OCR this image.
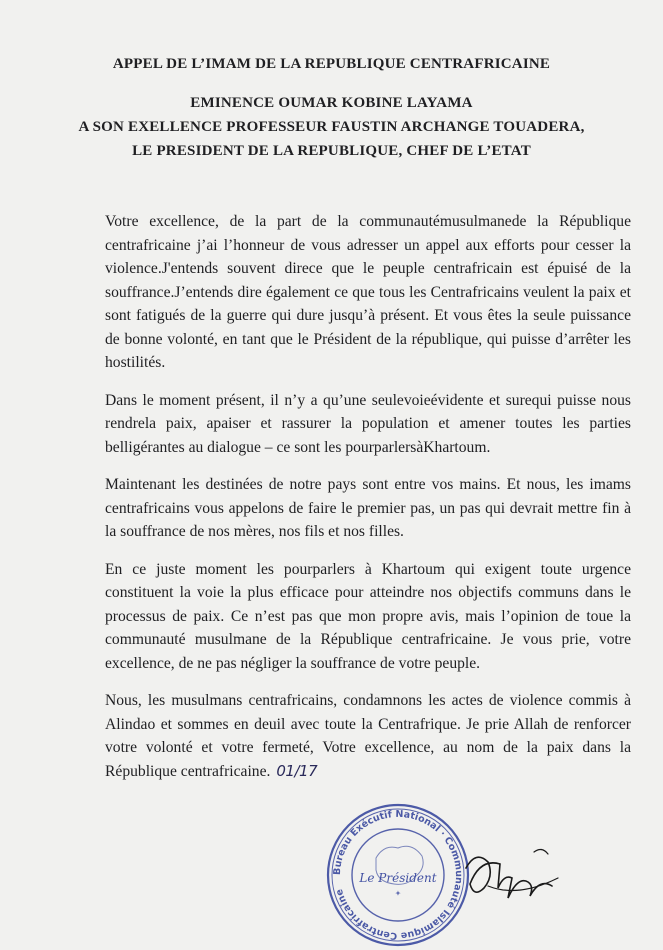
APPEL DE L’IMAM DE LA REPUBLIQUE CENTRAFRICAINE
EMINENCE OUMAR KOBINE LAYAMA
A SON EXELLENCE PROFESSEUR FAUSTIN ARCHANGE TOUADERA,
LE PRESIDENT DE LA REPUBLIQUE, CHEF DE L’ETAT

Votre excellence, de la part de la communautémusulmanede la République centrafricaine j’ai l’honneur de vous adresser un appel aux efforts pour cesser la violence.J'entends souvent direce que le peuple centrafricain est épuisé de la souffrance.J’entends dire également ce que tous les Centrafricains veulent la paix et sont fatigués de la guerre qui dure jusqu’à présent. Et vous êtes la seule puissance de bonne volonté, en tant que le Président de la république, qui puisse d’arrêter les hostilités.

Dans le moment présent, il n’y a qu’une seulevoieévidente et surequi puisse nous rendrela paix, apaiser et rassurer la population et amener toutes les parties belligérantes au dialogue – ce sont les pourparlersàKhartoum.

Maintenant les destinées de notre pays sont entre vos mains. Et nous, les imams centrafricains vous appelons de faire le premier pas, un pas qui devrait mettre fin à la souffrance de nos mères, nos fils et nos filles.

En ce juste moment les pourparlers à Khartoum qui exigent toute urgence constituent la voie la plus efficace pour atteindre nos objectifs communs dans le processus de paix. Ce n’est pas que mon propre avis, mais l’opinion de toue la communauté musulmane de la République centrafricaine. Je vous prie, votre excellence, de ne pas négliger la souffrance de votre peuple.

Nous, les musulmans centrafricains, condamnons les actes de violence commis à Alindao et sommes en deuil avec toute la Centrafrique. Je prie Allah de renforcer votre volonté et votre fermeté, Votre excellence, au nom de la paix dans la République centrafricaine. 01/17

Bureau Exécutif National · Communauté Islamique Centrafricaine
Le Président
✦
